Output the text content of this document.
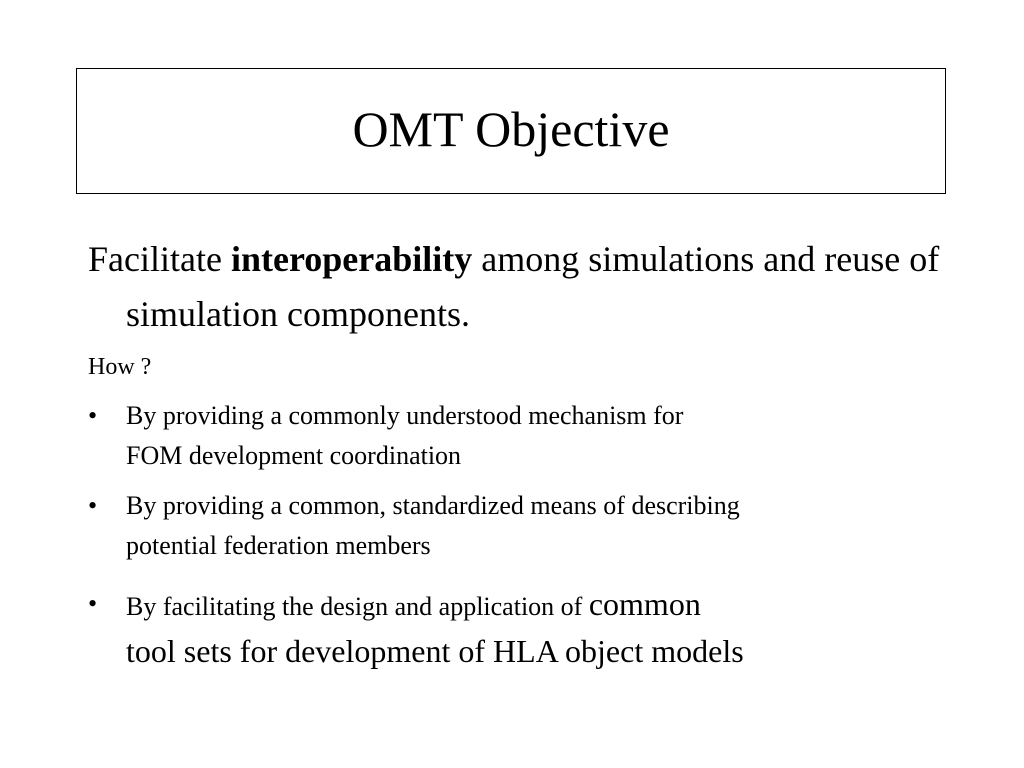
OMT Objective
Facilitate interoperability among simulations and reuse of simulation components.
How ?
•	By providing a commonly understood mechanism for
FOM development coordination
•	By providing a common, standardized means of describing
potential federation members
•	By facilitating the design and application of common
tool sets for development of HLA object models
